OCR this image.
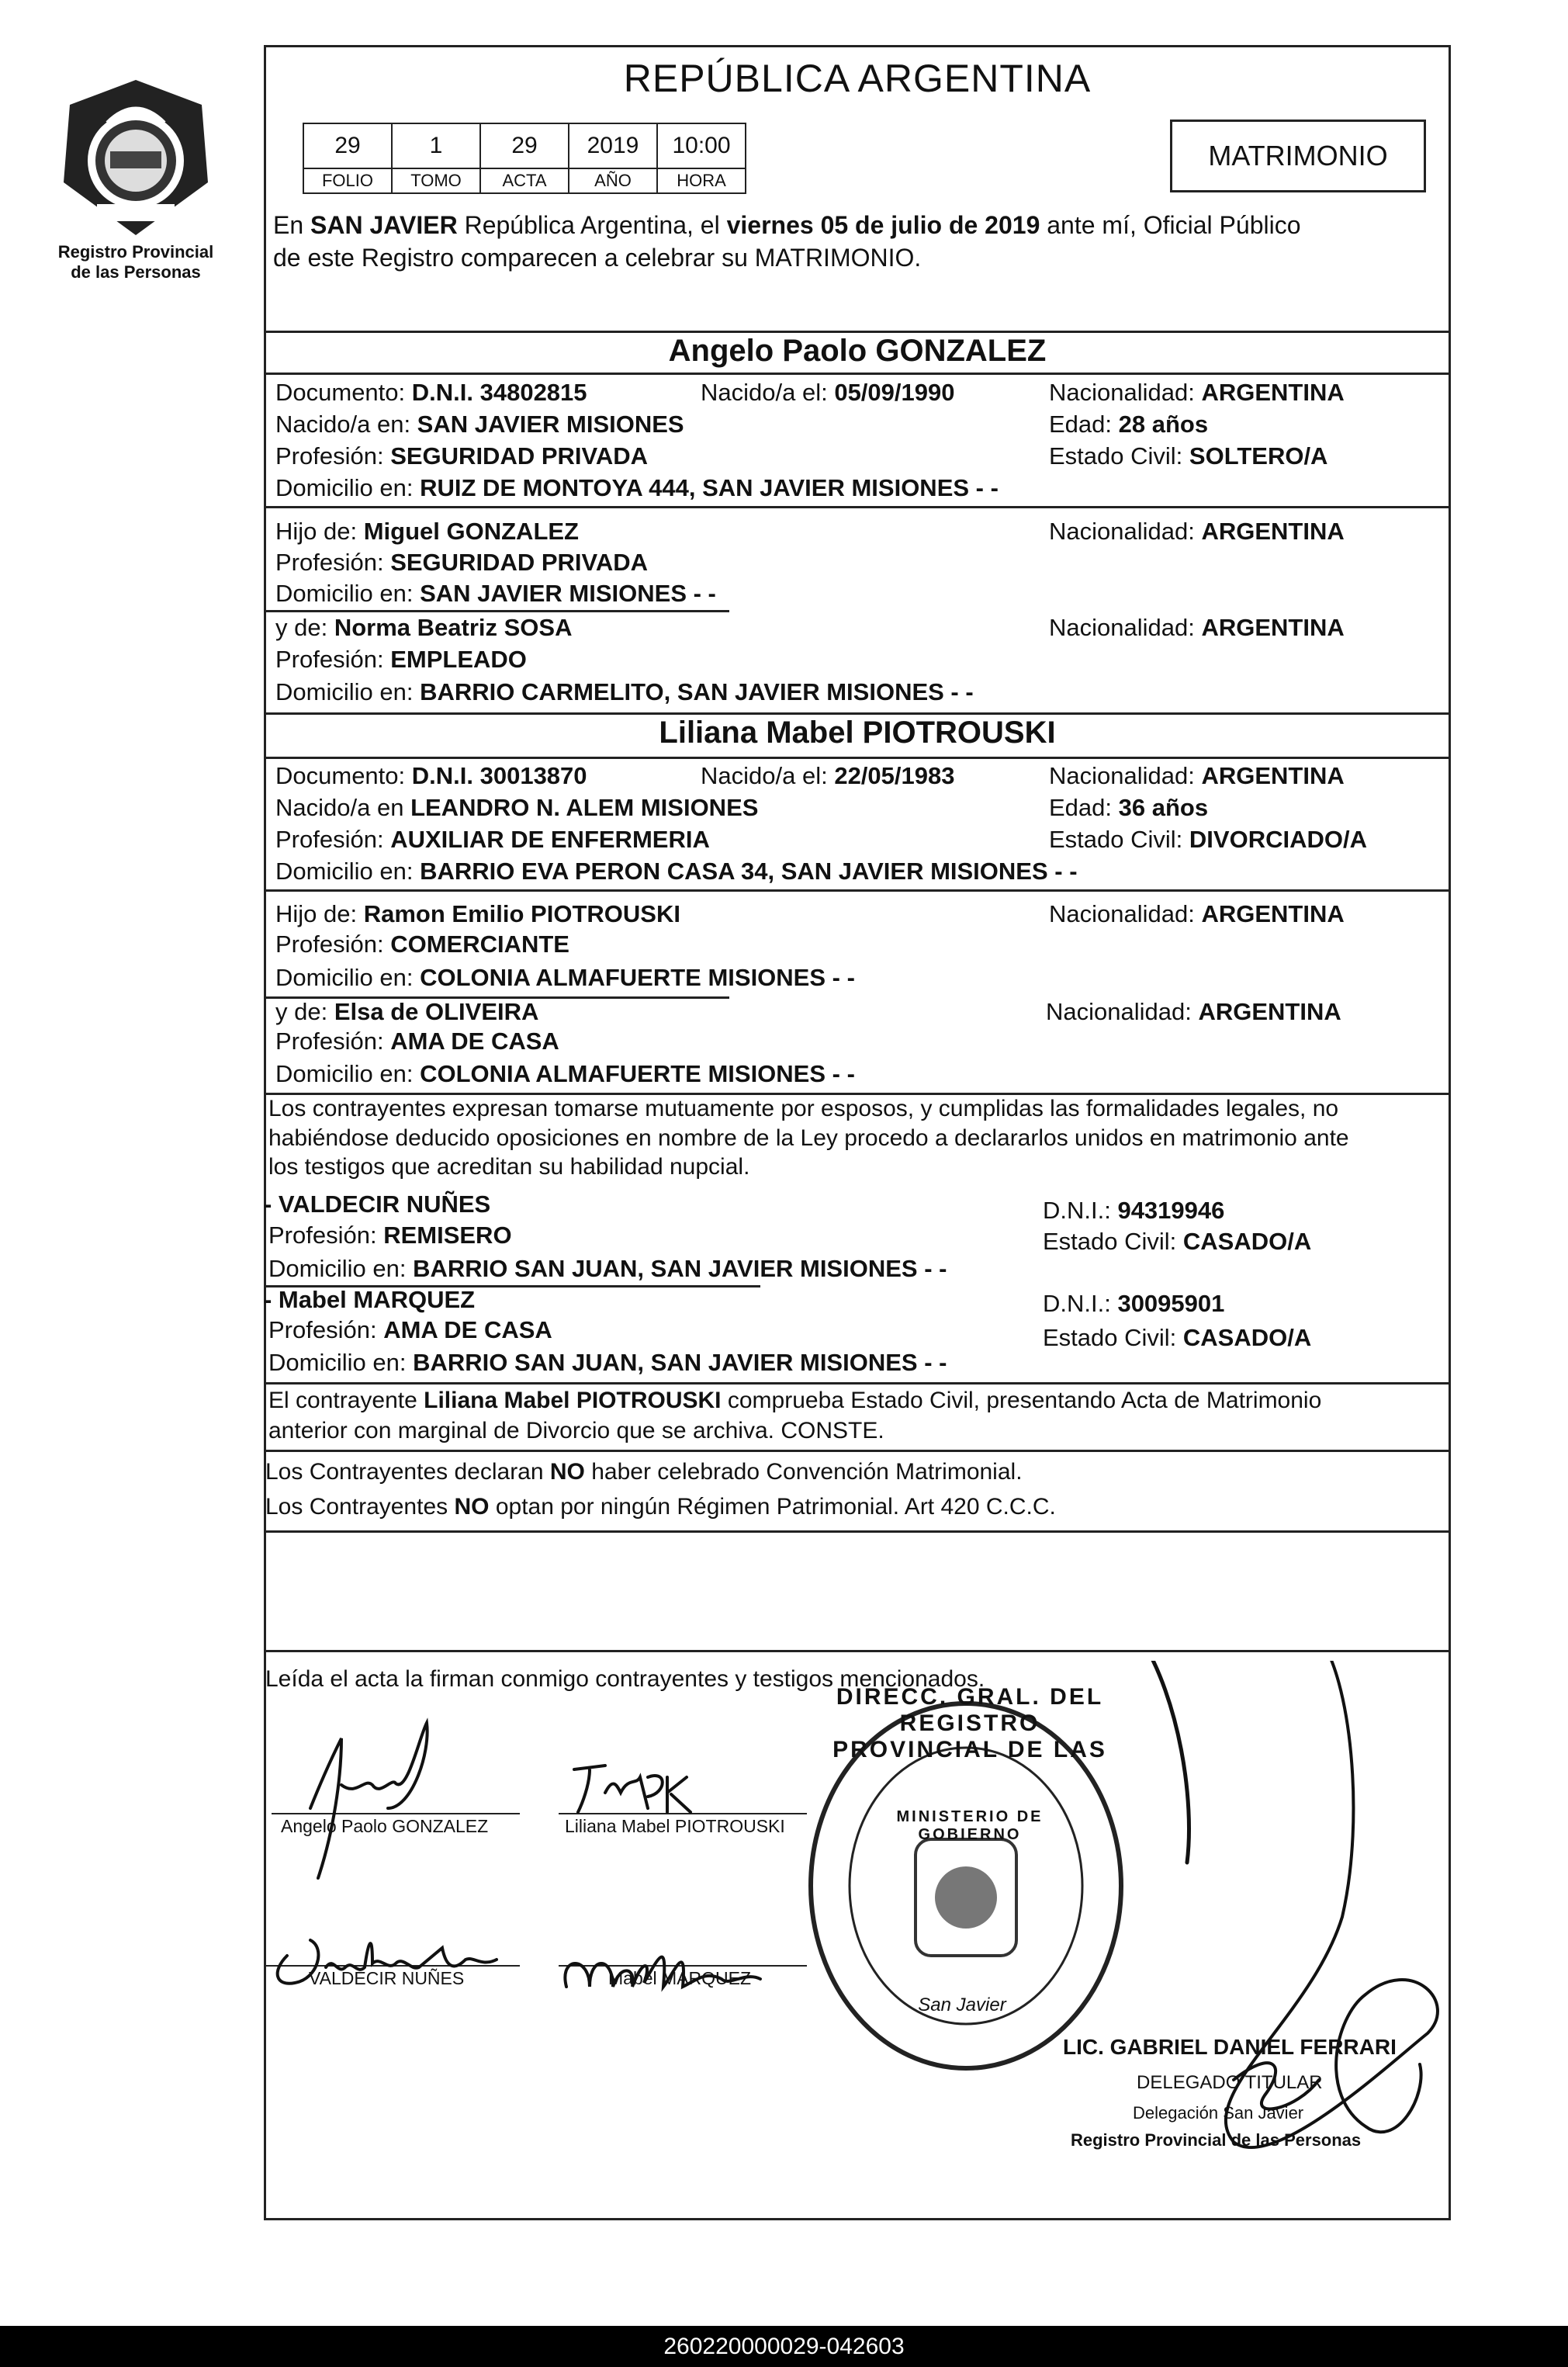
Registro Provincial
de las Personas
REPÚBLICA ARGENTINA
29	1	29	2019	10:00
FOLIO	TOMO	ACTA	AÑO	HORA
MATRIMONIO
En SAN JAVIER República Argentina, el viernes 05 de julio de 2019 ante mí, Oficial Público
de este Registro comparecen a celebrar su MATRIMONIO.
Angelo Paolo GONZALEZ
Documento: D.N.I. 34802815	Nacido/a el: 05/09/1990	Nacionalidad: ARGENTINA
Nacido/a en: SAN JAVIER MISIONES	Edad: 28 años
Profesión: SEGURIDAD PRIVADA	Estado Civil: SOLTERO/A
Domicilio en: RUIZ DE MONTOYA 444, SAN JAVIER MISIONES - -
Hijo de: Miguel GONZALEZ	Nacionalidad: ARGENTINA
Profesión: SEGURIDAD PRIVADA
Domicilio en: SAN JAVIER MISIONES - -
y de: Norma Beatriz SOSA	Nacionalidad: ARGENTINA
Profesión: EMPLEADO
Domicilio en: BARRIO CARMELITO, SAN JAVIER MISIONES - -
Liliana Mabel PIOTROUSKI
Documento: D.N.I. 30013870	Nacido/a el: 22/05/1983	Nacionalidad: ARGENTINA
Nacido/a en LEANDRO N. ALEM MISIONES	Edad: 36 años
Profesión: AUXILIAR DE ENFERMERIA	Estado Civil: DIVORCIADO/A
Domicilio en: BARRIO EVA PERON CASA 34, SAN JAVIER MISIONES - -
Hijo de: Ramon Emilio PIOTROUSKI	Nacionalidad: ARGENTINA
Profesión: COMERCIANTE
Domicilio en: COLONIA ALMAFUERTE MISIONES - -
y de: Elsa de OLIVEIRA	Nacionalidad: ARGENTINA
Profesión: AMA DE CASA
Domicilio en: COLONIA ALMAFUERTE MISIONES - -
Los contrayentes expresan tomarse mutuamente por esposos, y cumplidas las formalidades legales, no
habiéndose deducido oposiciones en nombre de la Ley procedo a declararlos unidos en matrimonio ante
los testigos que acreditan su habilidad nupcial.
- VALDECIR NUÑES	D.N.I.: 94319946
Profesión: REMISERO	Estado Civil: CASADO/A
Domicilio en: BARRIO SAN JUAN, SAN JAVIER MISIONES - -
- Mabel MARQUEZ	D.N.I.: 30095901
Profesión: AMA DE CASA	Estado Civil: CASADO/A
Domicilio en: BARRIO SAN JUAN, SAN JAVIER MISIONES - -
El contrayente Liliana Mabel PIOTROUSKI comprueba Estado Civil, presentando Acta de Matrimonio
anterior con marginal de Divorcio que se archiva. CONSTE.
Los Contrayentes declaran NO haber celebrado Convención Matrimonial.
Los Contrayentes NO optan por ningún Régimen Patrimonial. Art 420 C.C.C.
Leída el acta la firman conmigo contrayentes y testigos mencionados.
Angelo Paolo GONZALEZ	Liliana Mabel PIOTROUSKI
VALDECIR NUÑES	Mabel MARQUEZ
DIRECC. GRAL. DEL REGISTRO PROVINCIAL DE LAS
MINISTERIO DE GOBIERNO
San Javier
LIC. GABRIEL DANIEL FERRARI
DELEGADO TITULAR
Delegación San Javier
Registro Provincial de las Personas
260220000029-042603
